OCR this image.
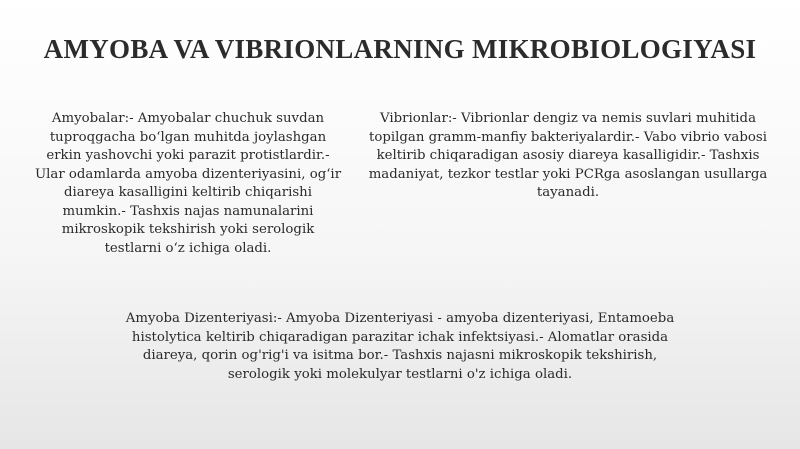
AMYOBA VA VIBRIONLARNING MIKROBIOLOGIYASI

Amyobalar:- Amyobalar chuchuk suvdan tuproqgacha bo‘lgan muhitda joylashgan erkin yashovchi yoki parazit protistlardir.- Ular odamlarda amyoba dizenteriyasini, og‘ir diareya kasalligini keltirib chiqarishi mumkin.- Tashxis najas namunalarini mikroskopik tekshirish yoki serologik testlarni o‘z ichiga oladi.

Vibrionlar:- Vibrionlar dengiz va nemis suvlari muhitida topilgan gramm-manfiy bakteriyalardir.- Vabo vibrio vabosi keltirib chiqaradigan asosiy diareya kasalligidir.- Tashxis madaniyat, tezkor testlar yoki PCRga asoslangan usullarga tayanadi.

Amyoba Dizenteriyasi:- Amyoba Dizenteriyasi - amyoba dizenteriyasi, Entamoeba histolytica keltirib chiqaradigan parazitar ichak infektsiyasi.- Alomatlar orasida diareya, qorin og'rig'i va isitma bor.- Tashxis najasni mikroskopik tekshirish, serologik yoki molekulyar testlarni o'z ichiga oladi.
